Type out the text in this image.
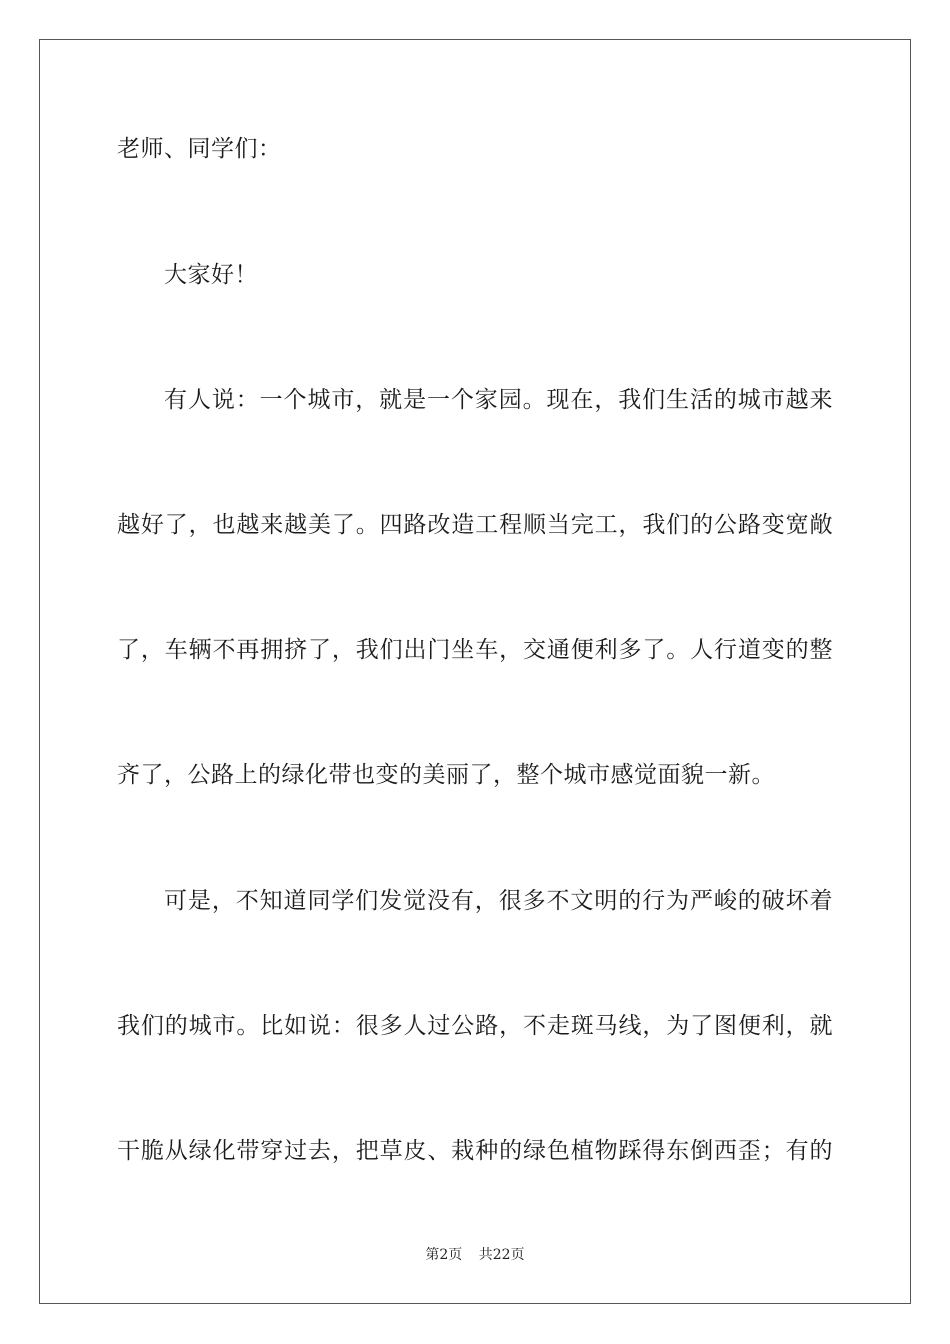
老师、同学们：
大家好！
有人说：一个城市，就是一个家园。现在，我们生活的城市越来
越好了，也越来越美了。四路改造工程顺当完工，我们的公路变宽敞
了，车辆不再拥挤了，我们出门坐车，交通便利多了。人行道变的整
齐了，公路上的绿化带也变的美丽了，整个城市感觉面貌一新。
可是，不知道同学们发觉没有，很多不文明的行为严峻的破坏着
我们的城市。比如说：很多人过公路，不走斑马线，为了图便利，就
干脆从绿化带穿过去，把草皮、栽种的绿色植物踩得东倒西歪；有的
第2页 共22页
